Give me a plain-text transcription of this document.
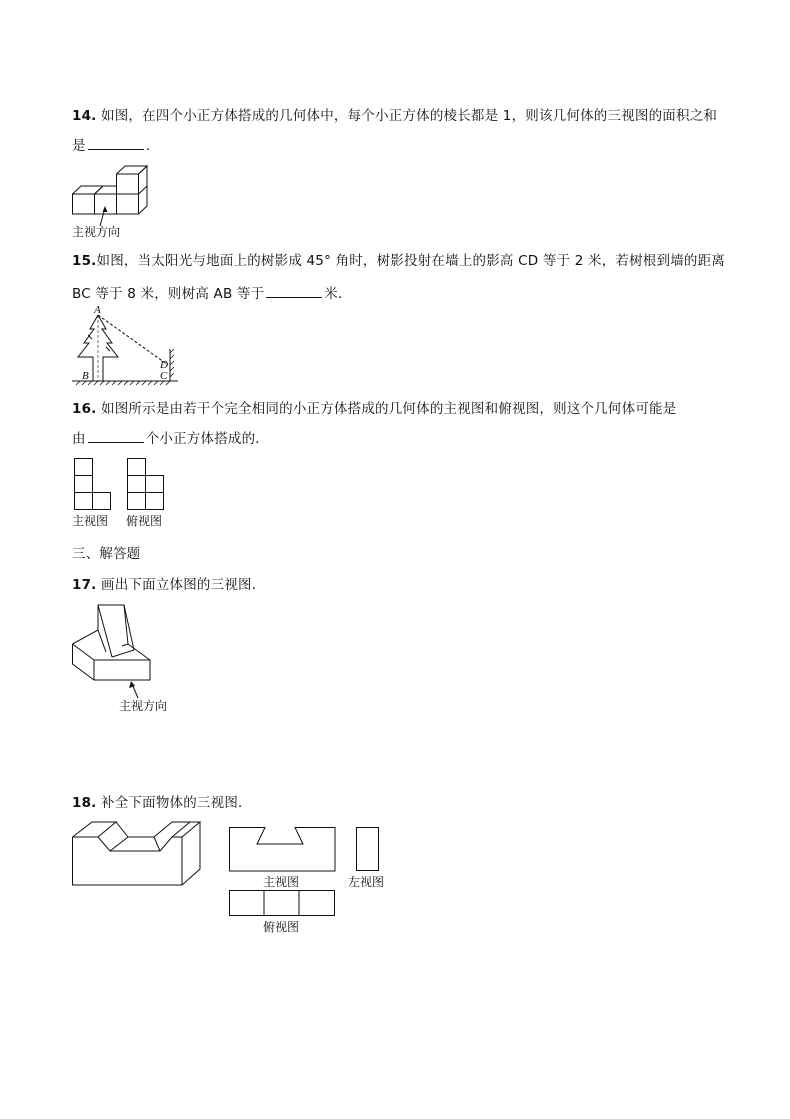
14. 如图，在四个小正方体搭成的几何体中，每个小正方体的棱长都是 1，则该几何体的三视图的面积之和
是	.
主视方向
15.如图，当太阳光与地面上的树影成 45° 角时，树影投射在墙上的影高 CD 等于 2 米，若树根到墙的距离
BC 等于 8 米，则树高 AB 等于	米．
A
B	C
D
16. 如图所示是由若干个完全相同的小正方体搭成的几何体的主视图和俯视图，则这个几何体可能是
由	个小正方体搭成的．
主视图 俯视图
三、解答题
17. 画出下面立体图的三视图．
主视方向
18. 补全下面物体的三视图．
主视图	左视图
俯视图
